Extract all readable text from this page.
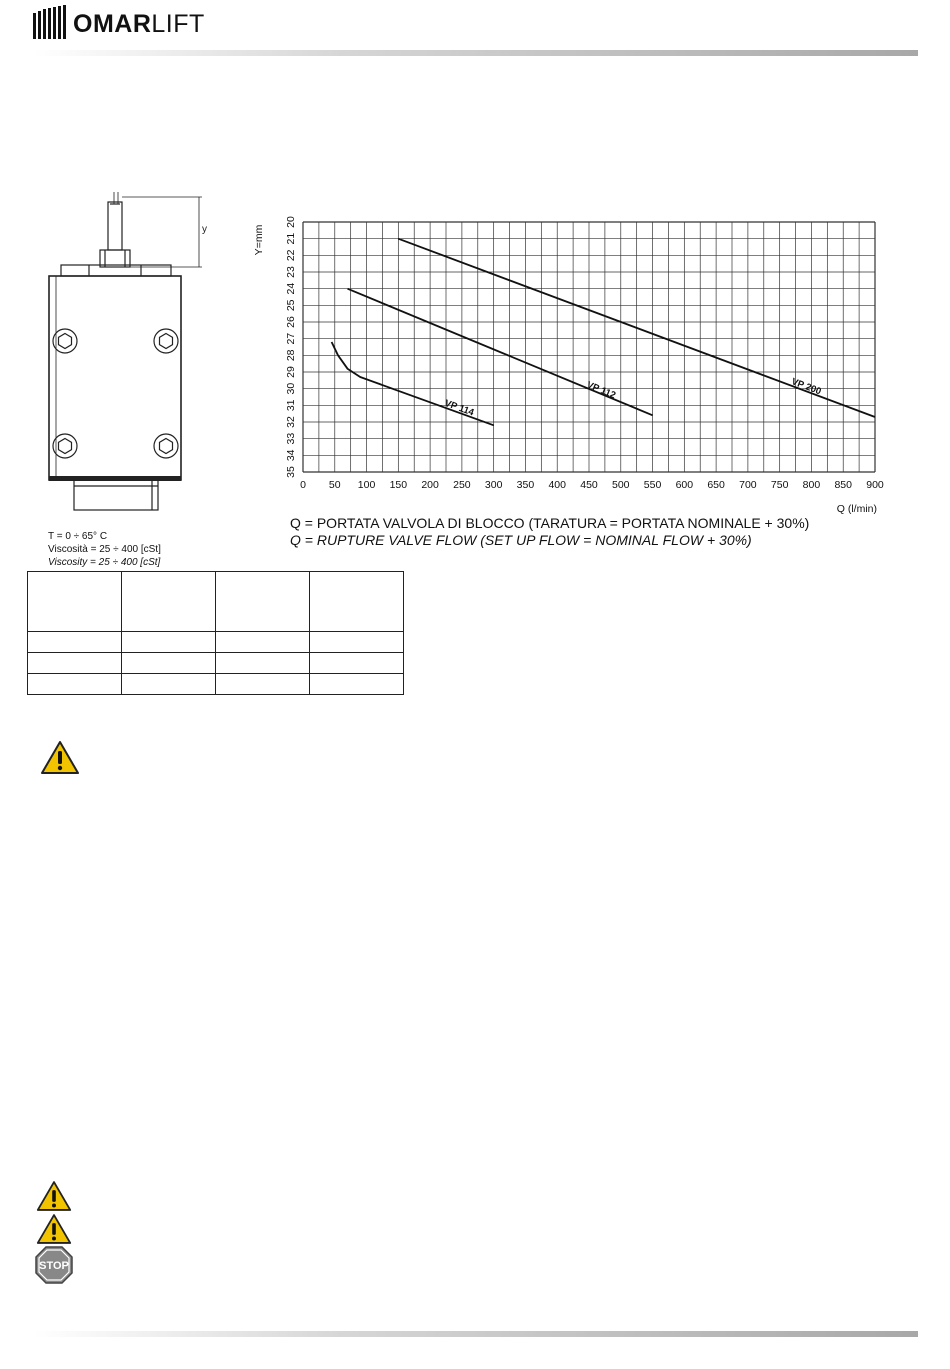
OMARLIFT
y
VP 200
VP 112
VP 114
0 50 100 150 200 250 300 350 400 450 500 550 600 650 700 750 800 850 900
20
21
22
23
24
25
26
27
28
29
30
31
32
33
34
35
Y=mm
Q (l/min)
Q = PORTATA VALVOLA DI BLOCCO (TARATURA = PORTATA NOMINALE + 30%)
Q = RUPTURE VALVE FLOW (SET UP FLOW = NOMINAL FLOW + 30%)
T = 0 ÷ 65° C
Viscosità = 25 ÷ 400 [cSt]
Viscosity = 25 ÷ 400 [cSt]

STOP
